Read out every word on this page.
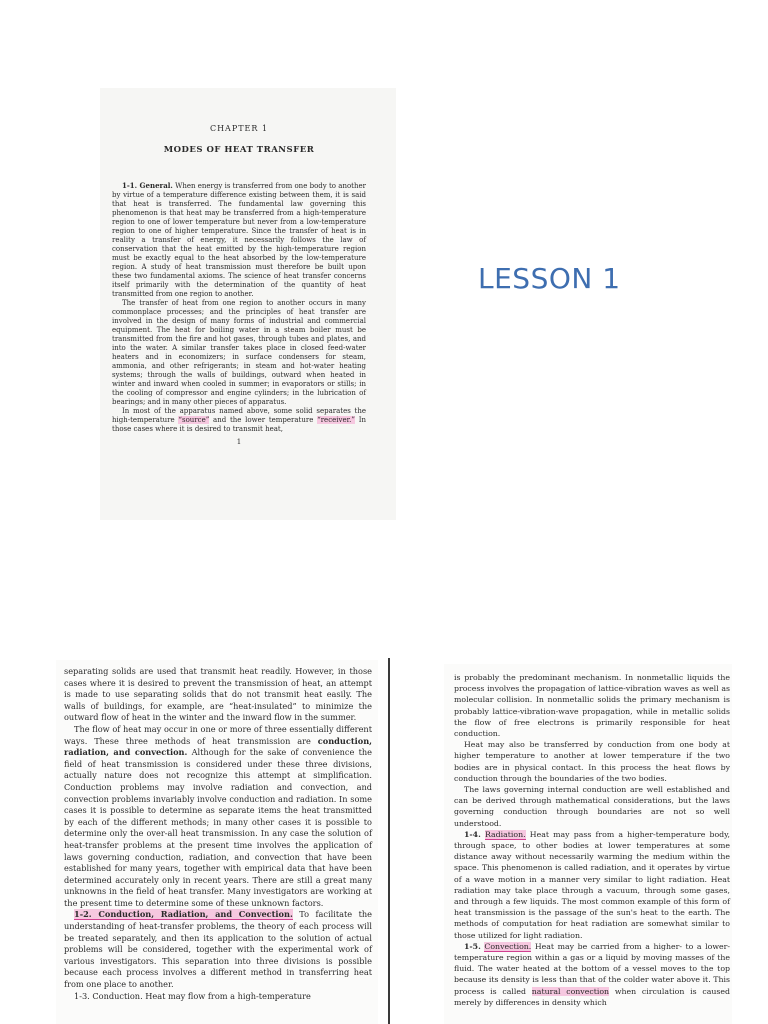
CHAPTER 1
MODES OF HEAT TRANSFER

1-1. General. When energy is transferred from one body to another by virtue of a temperature difference existing between them, it is said that heat is transferred. The fundamental law governing this phenomenon is that heat may be transferred from a high-temperature region to one of lower temperature but never from a low-temperature region to one of higher temperature. Since the transfer of heat is in reality a transfer of energy, it necessarily follows the law of conservation that the heat emitted by the high-temperature region must be exactly equal to the heat absorbed by the low-temperature region. A study of heat transmission must therefore be built upon these two fundamental axioms. The science of heat transfer concerns itself primarily with the determination of the quantity of heat transmitted from one region to another.

The transfer of heat from one region to another occurs in many commonplace processes; and the principles of heat transfer are involved in the design of many forms of industrial and commercial equipment. The heat for boiling water in a steam boiler must be transmitted from the fire and hot gases, through tubes and plates, and into the water. A similar transfer takes place in closed feed-water heaters and in economizers; in surface condensers for steam, ammonia, and other refrigerants; in steam and hot-water heating systems; through the walls of buildings, outward when heated in winter and inward when cooled in summer; in evaporators or stills; in the cooling of compressor and engine cylinders; in the lubrication of bearings; and in many other pieces of apparatus.

In most of the apparatus named above, some solid separates the high-temperature “source” and the lower temperature “receiver.” In those cases where it is desired to transmit heat,

1
LESSON 1

separating solids are used that transmit heat readily. However, in those cases where it is desired to prevent the transmission of heat, an attempt is made to use separating solids that do not transmit heat easily. The walls of buildings, for example, are “heat-insulated” to minimize the outward flow of heat in the winter and the inward flow in the summer.

The flow of heat may occur in one or more of three essentially different ways. These three methods of heat transmission are conduction, radiation, and convection. Although for the sake of convenience the field of heat transmission is considered under these three divisions, actually nature does not recognize this attempt at simplification. Conduction problems may involve radiation and convection, and convection problems invariably involve conduction and radiation. In some cases it is possible to determine as separate items the heat transmitted by each of the different methods; in many other cases it is possible to determine only the over-all heat transmission. In any case the solution of heat-transfer problems at the present time involves the application of laws governing conduction, radiation, and convection that have been established for many years, together with empirical data that have been determined accurately only in recent years. There are still a great many unknowns in the field of heat transfer. Many investigators are working at the present time to determine some of these unknown factors.

1-2. Conduction, Radiation, and Convection. To facilitate the understanding of heat-transfer problems, the theory of each process will be treated separately, and then its application to the solution of actual problems will be considered, together with the experimental work of various investigators. This separation into three divisions is possible because each process involves a different method in transferring heat from one place to another.

1-3. Conduction. Heat may flow from a high-temperature

is probably the predominant mechanism. In nonmetallic liquids the process involves the propagation of lattice-vibration waves as well as molecular collision. In nonmetallic solids the primary mechanism is probably lattice-vibration-wave propagation, while in metallic solids the flow of free electrons is primarily responsible for heat conduction.

Heat may also be transferred by conduction from one body at higher temperature to another at lower temperature if the two bodies are in physical contact. In this process the heat flows by conduction through the boundaries of the two bodies.

The laws governing internal conduction are well established and can be derived through mathematical considerations, but the laws governing conduction through boundaries are not so well understood.

1-4. Radiation. Heat may pass from a higher-temperature body, through space, to other bodies at lower temperatures at some distance away without necessarily warming the medium within the space. This phenomenon is called radiation, and it operates by virtue of a wave motion in a manner very similar to light radiation. Heat radiation may take place through a vacuum, through some gases, and through a few liquids. The most common example of this form of heat transmission is the passage of the sun's heat to the earth. The methods of computation for heat radiation are somewhat similar to those utilized for light radiation.

1-5. Convection. Heat may be carried from a higher- to a lower-temperature region within a gas or a liquid by moving masses of the fluid. The water heated at the bottom of a vessel moves to the top because its density is less than that of the colder water above it. This process is called natural convection when circulation is caused merely by differences in density which
